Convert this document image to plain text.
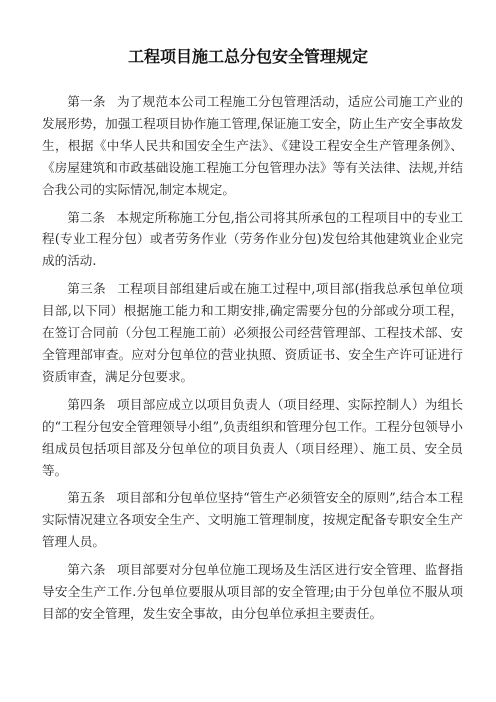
工程项目施工总分包安全管理规定

第一条 为了规范本公司工程施工分包管理活动，适应公司施工产业的发展形势，加强工程项目协作施工管理,保证施工安全，防止生产安全事故发生，根据《中华人民共和国安全生产法》、《建设工程安全生产管理条例》、《房屋建筑和市政基础设施工程施工分包管理办法》等有关法律、法规,并结合我公司的实际情况,制定本规定。

第二条 本规定所称施工分包,指公司将其所承包的工程项目中的专业工程(专业工程分包）或者劳务作业（劳务作业分包)发包给其他建筑业企业完成的活动.

第三条 工程项目部组建后或在施工过程中,项目部(指我总承包单位项目部,以下同）根据施工能力和工期安排,确定需要分包的分部或分项工程，在签订合同前（分包工程施工前）必须报公司经营管理部、工程技术部、安全管理部审查。应对分包单位的营业执照、资质证书、安全生产许可证进行资质审查，满足分包要求。

第四条 项目部应成立以项目负责人（项目经理、实际控制人）为组长的“工程分包安全管理领导小组”,负责组织和管理分包工作。工程分包领导小组成员包括项目部及分包单位的项目负责人（项目经理）、施工员、安全员等。

第五条 项目部和分包单位坚持“管生产必须管安全的原则”,结合本工程实际情况建立各项安全生产、文明施工管理制度，按规定配备专职安全生产管理人员。

第六条 项目部要对分包单位施工现场及生活区进行安全管理、监督指导安全生产工作.分包单位要服从项目部的安全管理;由于分包单位不服从项目部的安全管理，发生安全事故，由分包单位承担主要责任。
